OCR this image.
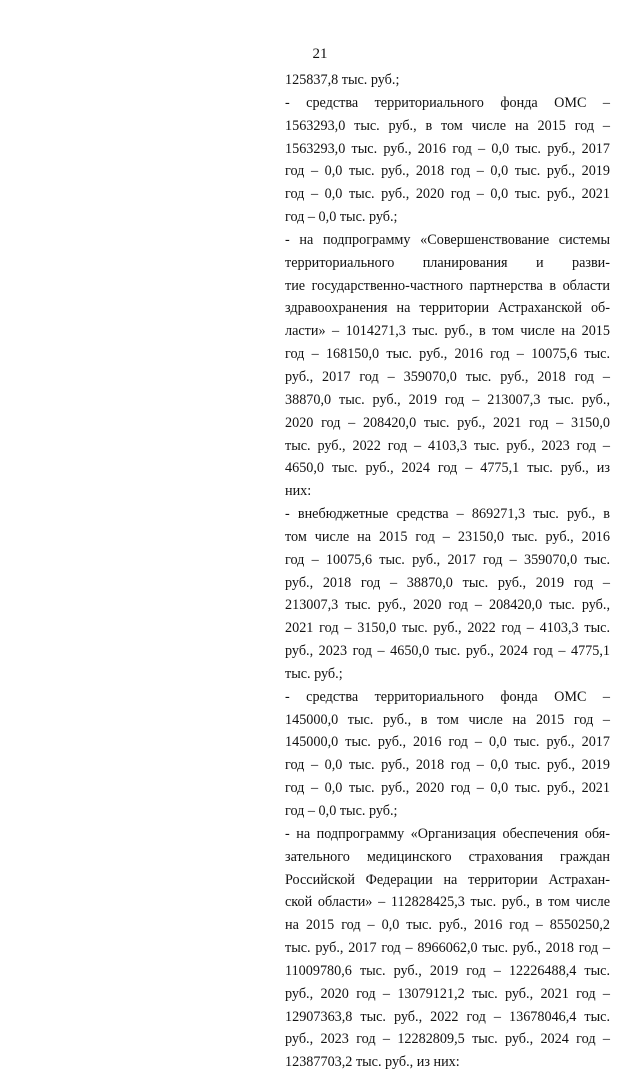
21
125837,8 тыс. руб.;
- средства территориального фонда ОМС –
1563293,0 тыс. руб., в том числе на 2015 год –
1563293,0 тыс. руб., 2016 год – 0,0 тыс. руб., 2017
год – 0,0 тыс. руб., 2018 год – 0,0 тыс. руб., 2019
год – 0,0 тыс. руб., 2020 год – 0,0 тыс. руб., 2021
год – 0,0 тыс. руб.;
- на подпрограмму «Совершенствование системы
территориального планирования и разви-
тие государственно-частного партнерства в области
здравоохранения на территории Астраханской об-
ласти» – 1014271,3 тыс. руб., в том числе на 2015
год – 168150,0 тыс. руб., 2016 год – 10075,6 тыс.
руб., 2017 год – 359070,0 тыс. руб., 2018 год –
38870,0 тыс. руб., 2019 год – 213007,3 тыс. руб.,
2020 год – 208420,0 тыс. руб., 2021 год – 3150,0
тыс. руб., 2022 год – 4103,3 тыс. руб., 2023 год –
4650,0 тыс. руб., 2024 год – 4775,1 тыс. руб., из
них:
- внебюджетные средства – 869271,3 тыс. руб., в
том числе на 2015 год – 23150,0 тыс. руб., 2016
год – 10075,6 тыс. руб., 2017 год – 359070,0 тыс.
руб., 2018 год – 38870,0 тыс. руб., 2019 год –
213007,3 тыс. руб., 2020 год – 208420,0 тыс. руб.,
2021 год – 3150,0 тыс. руб., 2022 год – 4103,3 тыс.
руб., 2023 год – 4650,0 тыс. руб., 2024 год – 4775,1
тыс. руб.;
- средства территориального фонда ОМС –
145000,0 тыс. руб., в том числе на 2015 год –
145000,0 тыс. руб., 2016 год – 0,0 тыс. руб., 2017
год – 0,0 тыс. руб., 2018 год – 0,0 тыс. руб., 2019
год – 0,0 тыс. руб., 2020 год – 0,0 тыс. руб., 2021
год – 0,0 тыс. руб.;
- на подпрограмму «Организация обеспечения обя-
зательного медицинского страхования граждан
Российской Федерации на территории Астрахан-
ской области» – 112828425,3 тыс. руб., в том числе
на 2015 год – 0,0 тыс. руб., 2016 год – 8550250,2
тыс. руб., 2017 год – 8966062,0 тыс. руб., 2018 год –
11009780,6 тыс. руб., 2019 год – 12226488,4 тыс.
руб., 2020 год – 13079121,2 тыс. руб., 2021 год –
12907363,8 тыс. руб., 2022 год – 13678046,4 тыс.
руб., 2023 год – 12282809,5 тыс. руб., 2024 год –
12387703,2 тыс. руб., из них:
